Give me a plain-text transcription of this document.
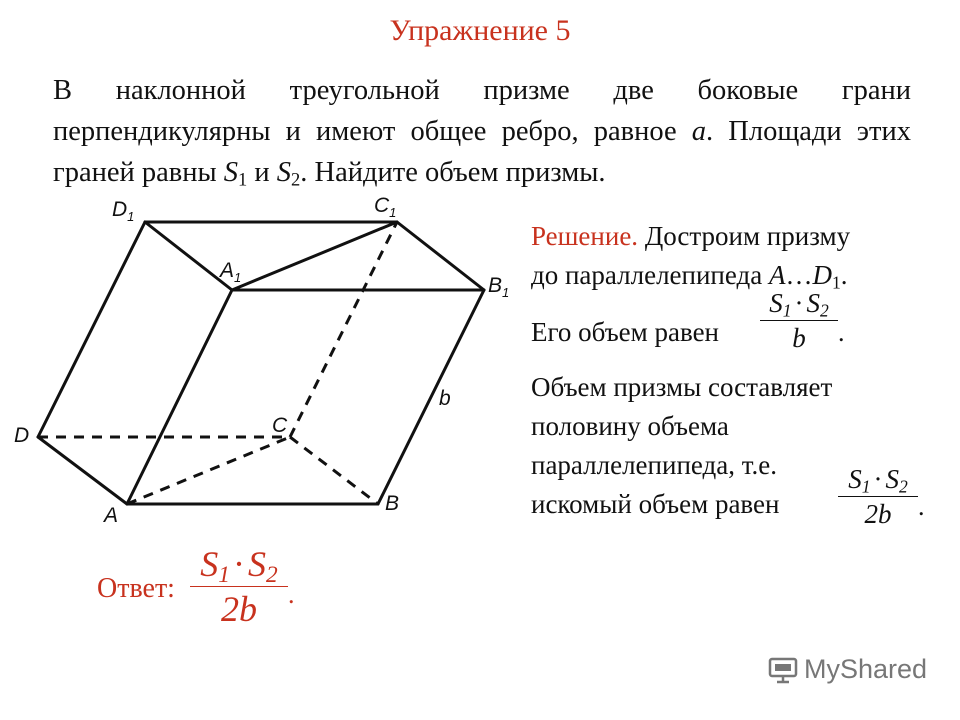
Упражнение 5
В наклонной треугольной призме две боковые грани перпендикулярны и имеют общее ребро, равное a. Площади этих граней равны $S_1$ и $S_2$. Найдите объем призмы.
$D_1$	$C_1$
$A_1$	$B_1$
D	C
A
B
b
Решение. Достроим призму
до параллелепипеда $A\dots D_1$.
Его объем равен
$S_1 \cdot S_2$
b	.
Объем призмы составляет
половину объема
параллелепипеда, т.е.
искомый объем равен
$S_1 \cdot S_2$
2b	.
Ответ:
$S_1\cdot S_2$
2b	.
MyShared
